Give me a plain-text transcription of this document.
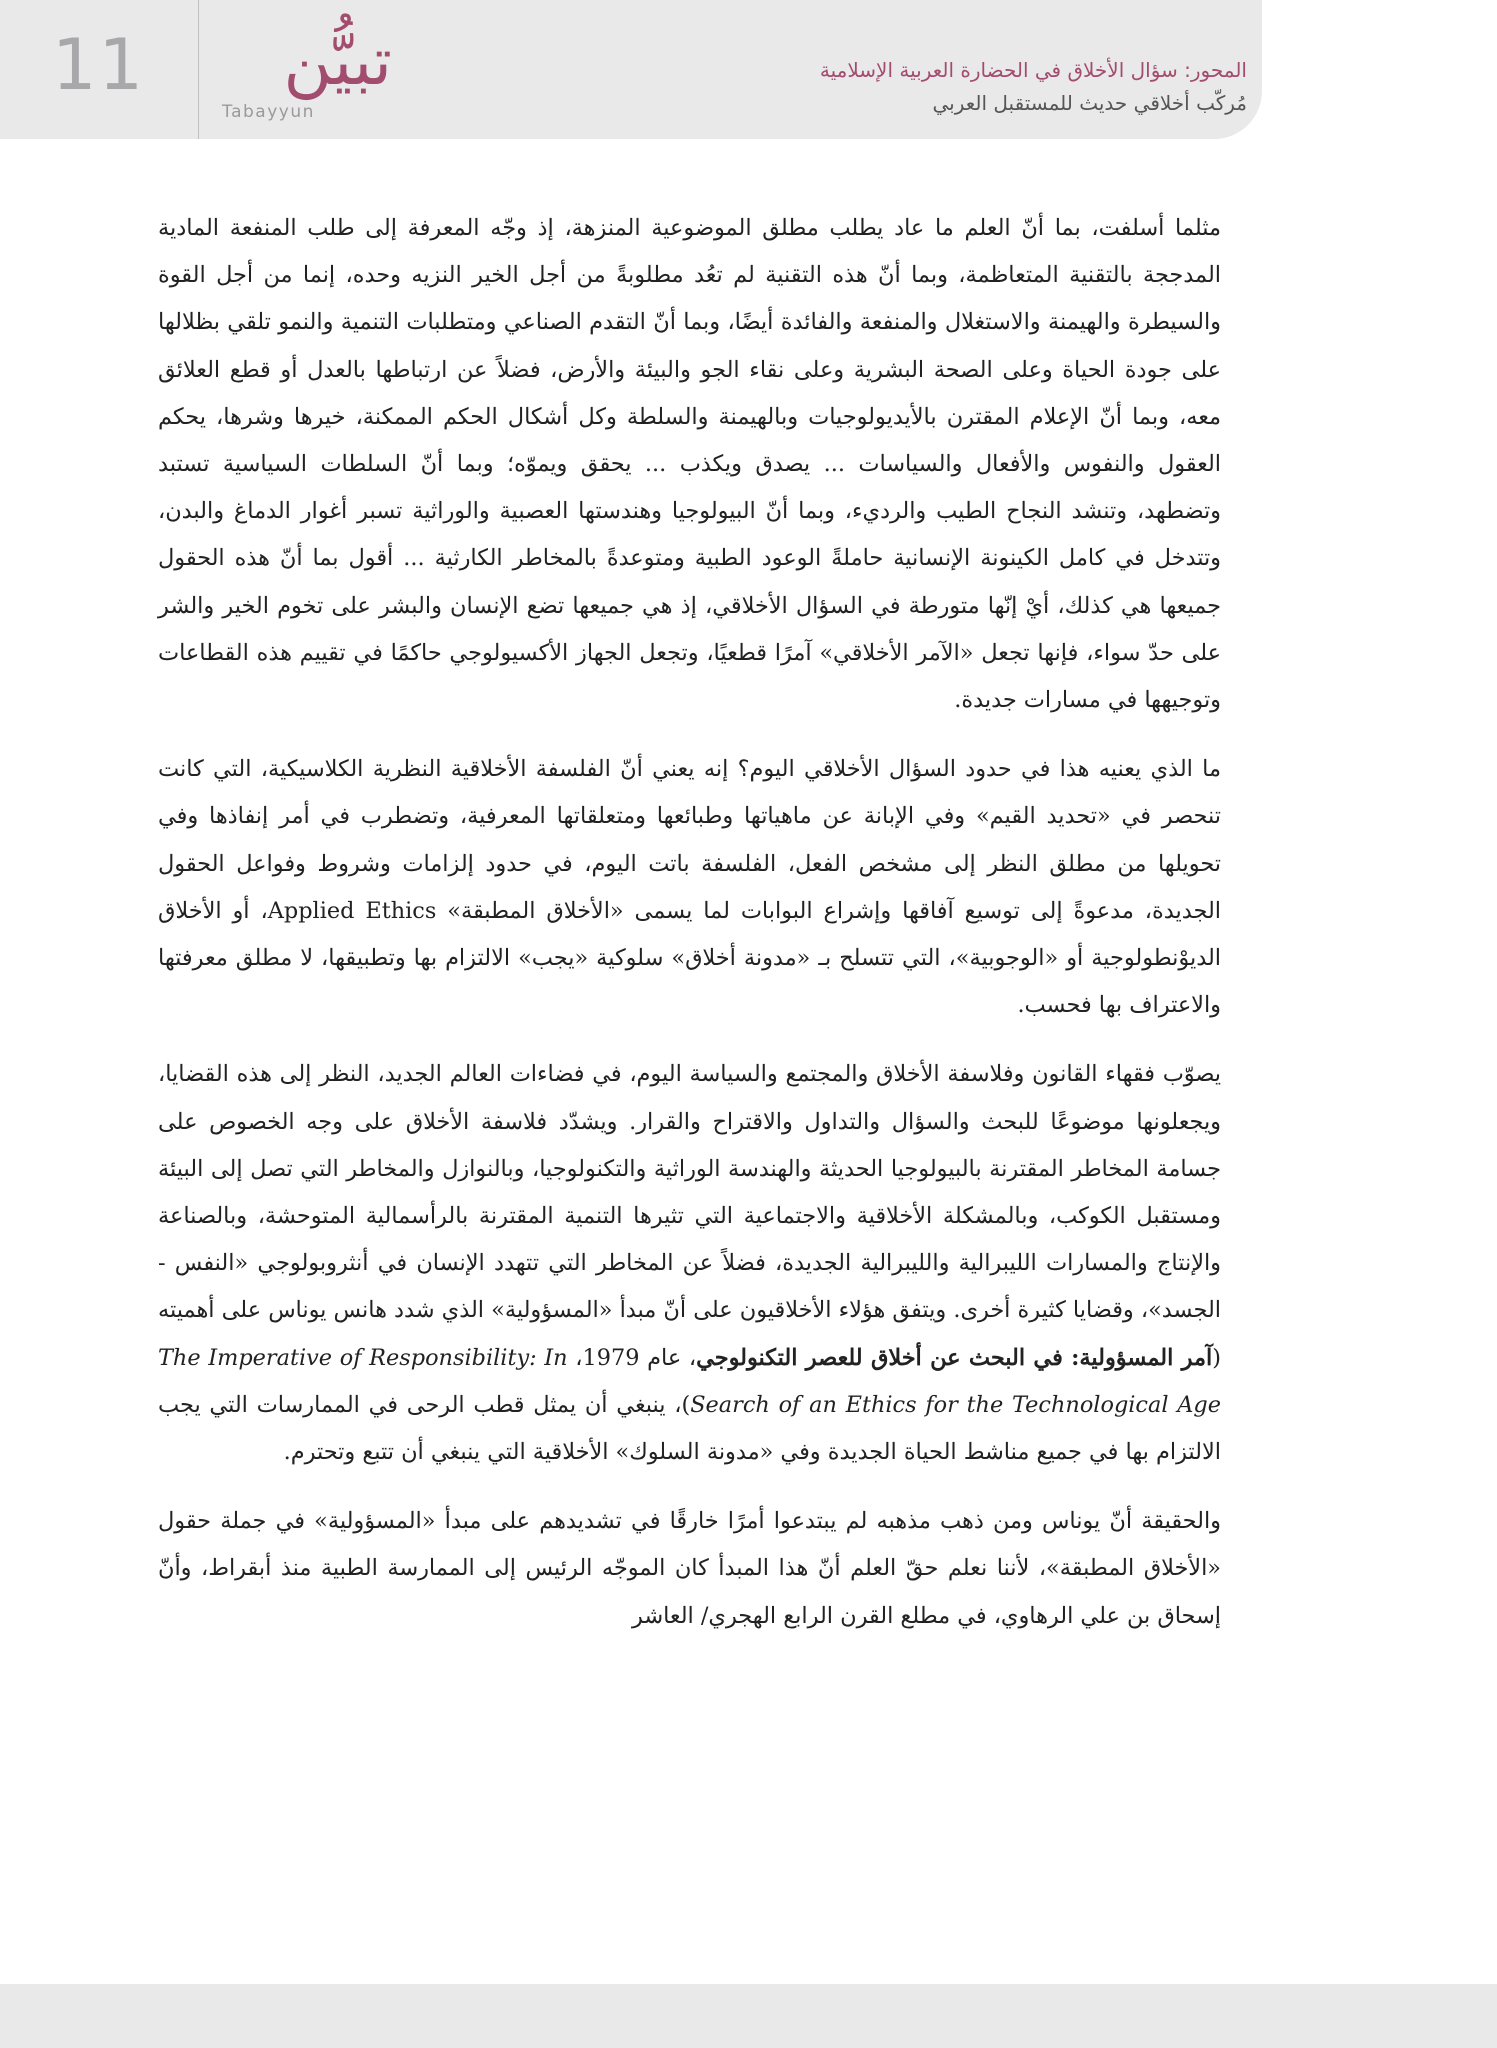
11	تبيُّن
Tabayyun
المحور: سؤال الأخلاق في الحضارة العربية الإسلامية
مُركّب أخلاقي حديث للمستقبل العربي

مثلما أسلفت، بما أنّ العلم ما عاد يطلب مطلق الموضوعية المنزهة، إذ وجّه المعرفة إلى طلب المنفعة المادية المدججة بالتقنية المتعاظمة، وبما أنّ هذه التقنية لم تعُد مطلوبةً من أجل الخير النزيه وحده، إنما من أجل القوة والسيطرة والهيمنة والاستغلال والمنفعة والفائدة أيضًا، وبما أنّ التقدم الصناعي ومتطلبات التنمية والنمو تلقي بظلالها على جودة الحياة وعلى الصحة البشرية وعلى نقاء الجو والبيئة والأرض، فضلاً عن ارتباطها بالعدل أو قطع العلائق معه، وبما أنّ الإعلام المقترن بالأيديولوجيات وبالهيمنة والسلطة وكل أشكال الحكم الممكنة، خيرها وشرها، يحكم العقول والنفوس والأفعال والسياسات ... يصدق ويكذب ... يحقق ويموّه؛ وبما أنّ السلطات السياسية تستبد وتضطهد، وتنشد النجاح الطيب والرديء، وبما أنّ البيولوجيا وهندستها العصبية والوراثية تسبر أغوار الدماغ والبدن، وتتدخل في كامل الكينونة الإنسانية حاملةً الوعود الطبية ومتوعدةً بالمخاطر الكارثية ... أقول بما أنّ هذه الحقول جميعها هي كذلك، أيْ إنّها متورطة في السؤال الأخلاقي، إذ هي جميعها تضع الإنسان والبشر على تخوم الخير والشر على حدّ سواء، فإنها تجعل «الآمر الأخلاقي» آمرًا قطعيًا، وتجعل الجهاز الأكسيولوجي حاكمًا في تقييم هذه القطاعات وتوجيهها في مسارات جديدة.

ما الذي يعنيه هذا في حدود السؤال الأخلاقي اليوم؟ إنه يعني أنّ الفلسفة الأخلاقية النظرية الكلاسيكية، التي كانت تنحصر في «تحديد القيم» وفي الإبانة عن ماهياتها وطبائعها ومتعلقاتها المعرفية، وتضطرب في أمر إنفاذها وفي تحويلها من مطلق النظر إلى مشخص الفعل، الفلسفة باتت اليوم، في حدود إلزامات وشروط وفواعل الحقول الجديدة، مدعوةً إلى توسيع آفاقها وإشراع البوابات لما يسمى «الأخلاق المطبقة» Applied Ethics، أو الأخلاق الديوْنطولوجية أو «الوجوبية»، التي تتسلح بـ «مدونة أخلاق» سلوكية «يجب» الالتزام بها وتطبيقها، لا مطلق معرفتها والاعتراف بها فحسب.

يصوّب فقهاء القانون وفلاسفة الأخلاق والمجتمع والسياسة اليوم، في فضاءات العالم الجديد، النظر إلى هذه القضايا، ويجعلونها موضوعًا للبحث والسؤال والتداول والاقتراح والقرار. ويشدّد فلاسفة الأخلاق على وجه الخصوص على جسامة المخاطر المقترنة بالبيولوجيا الحديثة والهندسة الوراثية والتكنولوجيا، وبالنوازل والمخاطر التي تصل إلى البيئة ومستقبل الكوكب، وبالمشكلة الأخلاقية والاجتماعية التي تثيرها التنمية المقترنة بالرأسمالية المتوحشة، وبالصناعة والإنتاج والمسارات الليبرالية والليبرالية الجديدة، فضلاً عن المخاطر التي تتهدد الإنسان في أنثروبولوجي «النفس - الجسد»، وقضايا كثيرة أخرى. ويتفق هؤلاء الأخلاقيون على أنّ مبدأ «المسؤولية» الذي شدد هانس يوناس على أهميته (آمر المسؤولية: في البحث عن أخلاق للعصر التكنولوجي، عام 1979، The Imperative of Responsibility: In Search of an Ethics for the Technological Age)، ينبغي أن يمثل قطب الرحى في الممارسات التي يجب الالتزام بها في جميع مناشط الحياة الجديدة وفي «مدونة السلوك» الأخلاقية التي ينبغي أن تتبع وتحترم.

والحقيقة أنّ يوناس ومن ذهب مذهبه لم يبتدعوا أمرًا خارقًا في تشديدهم على مبدأ «المسؤولية» في جملة حقول «الأخلاق المطبقة»، لأننا نعلم حقّ العلم أنّ هذا المبدأ كان الموجّه الرئيس إلى الممارسة الطبية منذ أبقراط، وأنّ إسحاق بن علي الرهاوي، في مطلع القرن الرابع الهجري/ العاشر
